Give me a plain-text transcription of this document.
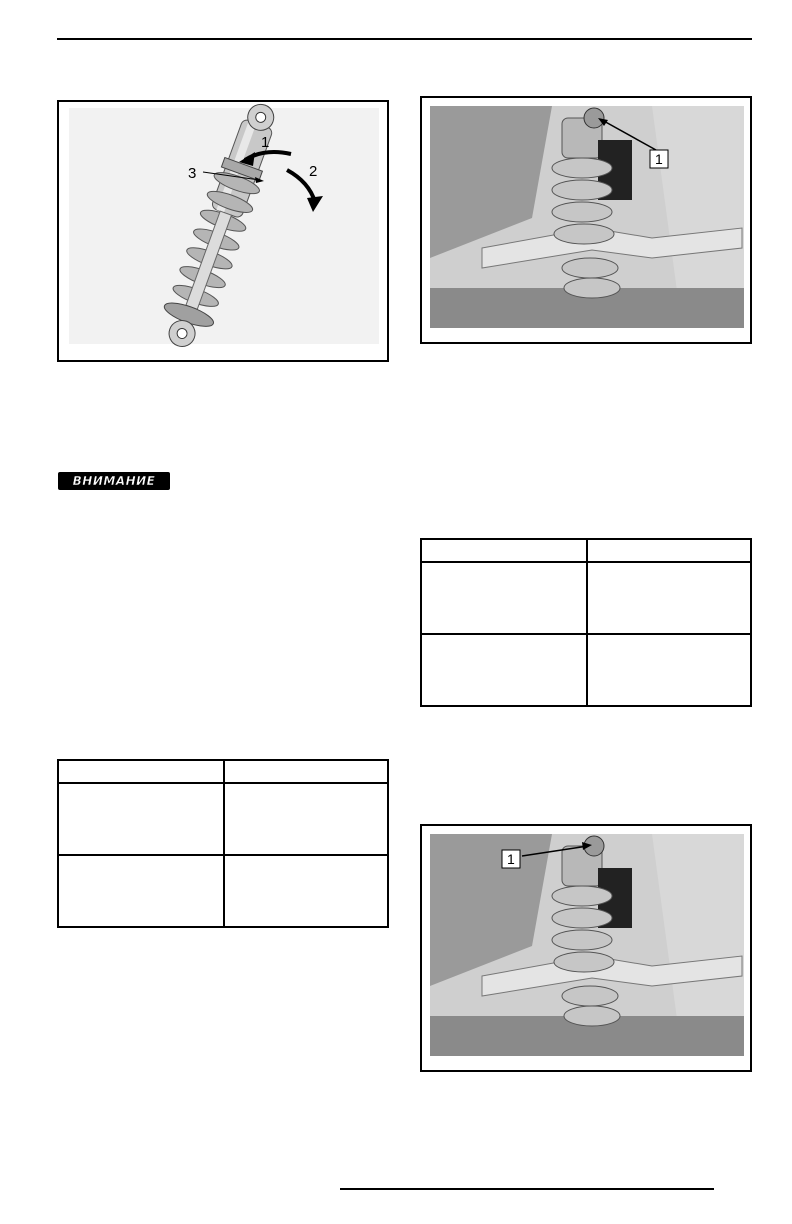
1
2
3
1
ВНИМАНИЕ

1
